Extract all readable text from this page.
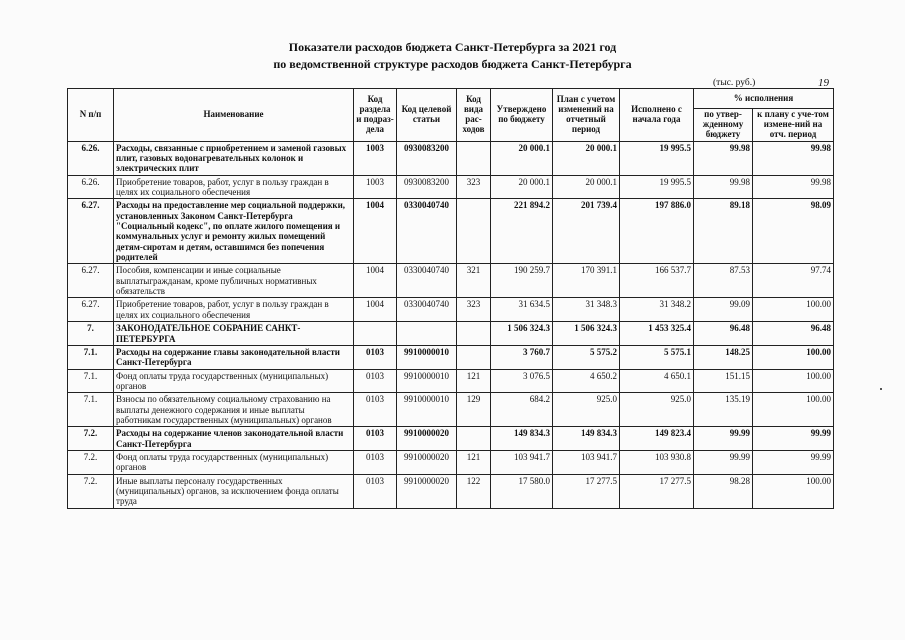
Показатели расходов бюджета Санкт-Петербурга за 2021 год
по ведомственной структуре расходов бюджета Санкт-Петербурга
(тыс. руб.)	19
N п/п	Наименование	Код раздела и подраз-дела	Код целевой статьи	Код вида рас-ходов	Утверждено по бюджету	План с учетом изменений на отчетный период	Исполнено с начала года	% исполнения	
								по утвер-жденному бюджету	к плану с уче-том измене-ний на отч. период
6.26.	Расходы, связанные с приобретением и заменой газовых плит, газовых водонагревательных колонок и электрических плит	1003	0930083200		20 000.1	20 000.1	19 995.5	99.98	99.98
6.26.	Приобретение товаров, работ, услуг в пользу граждан в целях их социального обеспечения	1003	0930083200	323	20 000.1	20 000.1	19 995.5	99.98	99.98
6.27.	Расходы на предоставление мер социальной поддержки, установленных Законом Санкт-Петербурга "Социальный кодекс", по оплате жилого помещения и коммунальных услуг и ремонту жилых помещений детям-сиротам и детям, оставшимся без попечения родителей	1004	0330040740		221 894.2	201 739.4	197 886.0	89.18	98.09
6.27.	Пособия, компенсации и иные социальные выплатыгражданам, кроме публичных нормативных обязательств	1004	0330040740	321	190 259.7	170 391.1	166 537.7	87.53	97.74
6.27.	Приобретение товаров, работ, услуг в пользу граждан в целях их социального обеспечения	1004	0330040740	323	31 634.5	31 348.3	31 348.2	99.09	100.00
7.	ЗАКОНОДАТЕЛЬНОЕ СОБРАНИЕ САНКТ-ПЕТЕРБУРГА				1 506 324.3	1 506 324.3	1 453 325.4	96.48	96.48
7.1.	Расходы на содержание главы законодательной власти Санкт-Петербурга	0103	9910000010		3 760.7	5 575.2	5 575.1	148.25	100.00
7.1.	Фонд оплаты труда государственных (муниципальных) органов	0103	9910000010	121	3 076.5	4 650.2	4 650.1	151.15	100.00
7.1.	Взносы по обязательному социальному страхованию на выплаты денежного содержания и иные выплаты работникам государственных (муниципальных) органов	0103	9910000010	129	684.2	925.0	925.0	135.19	100.00
7.2.	Расходы на содержание членов законодательной власти Санкт-Петербурга	0103	9910000020		149 834.3	149 834.3	149 823.4	99.99	99.99
7.2.	Фонд оплаты труда государственных (муниципальных) органов	0103	9910000020	121	103 941.7	103 941.7	103 930.8	99.99	99.99
7.2.	Иные выплаты персоналу государственных (муниципальных) органов, за исключением фонда оплаты труда	0103	9910000020	122	17 580.0	17 277.5	17 277.5	98.28	100.00
